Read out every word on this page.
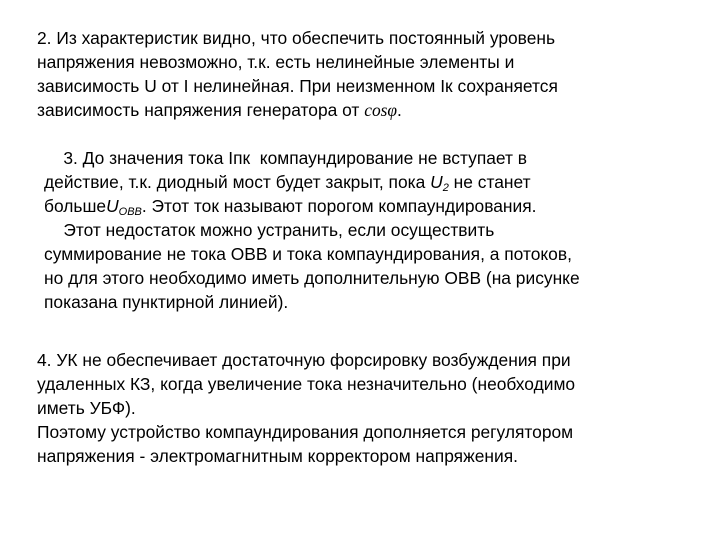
2. Из характеристик видно, что обеспечить постоянный уровень
напряжения невозможно, т.к. есть нелинейные элементы и
зависимость U от I нелинейная. При неизменном Iк сохраняется
зависимость напряжения генератора от cosφ.
3. До значения тока Iпк  компаундирование не вступает в
действие, т.к. диодный мост будет закрыт, пока $U_2$ не станет
большеU$_{OBB}$. Этот ток называют порогом компаундирования.
Этот недостаток можно устранить, если осуществить
суммирование не тока ОВВ и тока компаундирования, а потоков,
но для этого необходимо иметь дополнительную ОВВ (на рисунке
показана пунктирной линией).
4. УК не обеспечивает достаточную форсировку возбуждения при
удаленных КЗ, когда увеличение тока незначительно (необходимо
иметь УБФ).
Поэтому устройство компаундирования дополняется регулятором
напряжения - электромагнитным корректором напряжения.
